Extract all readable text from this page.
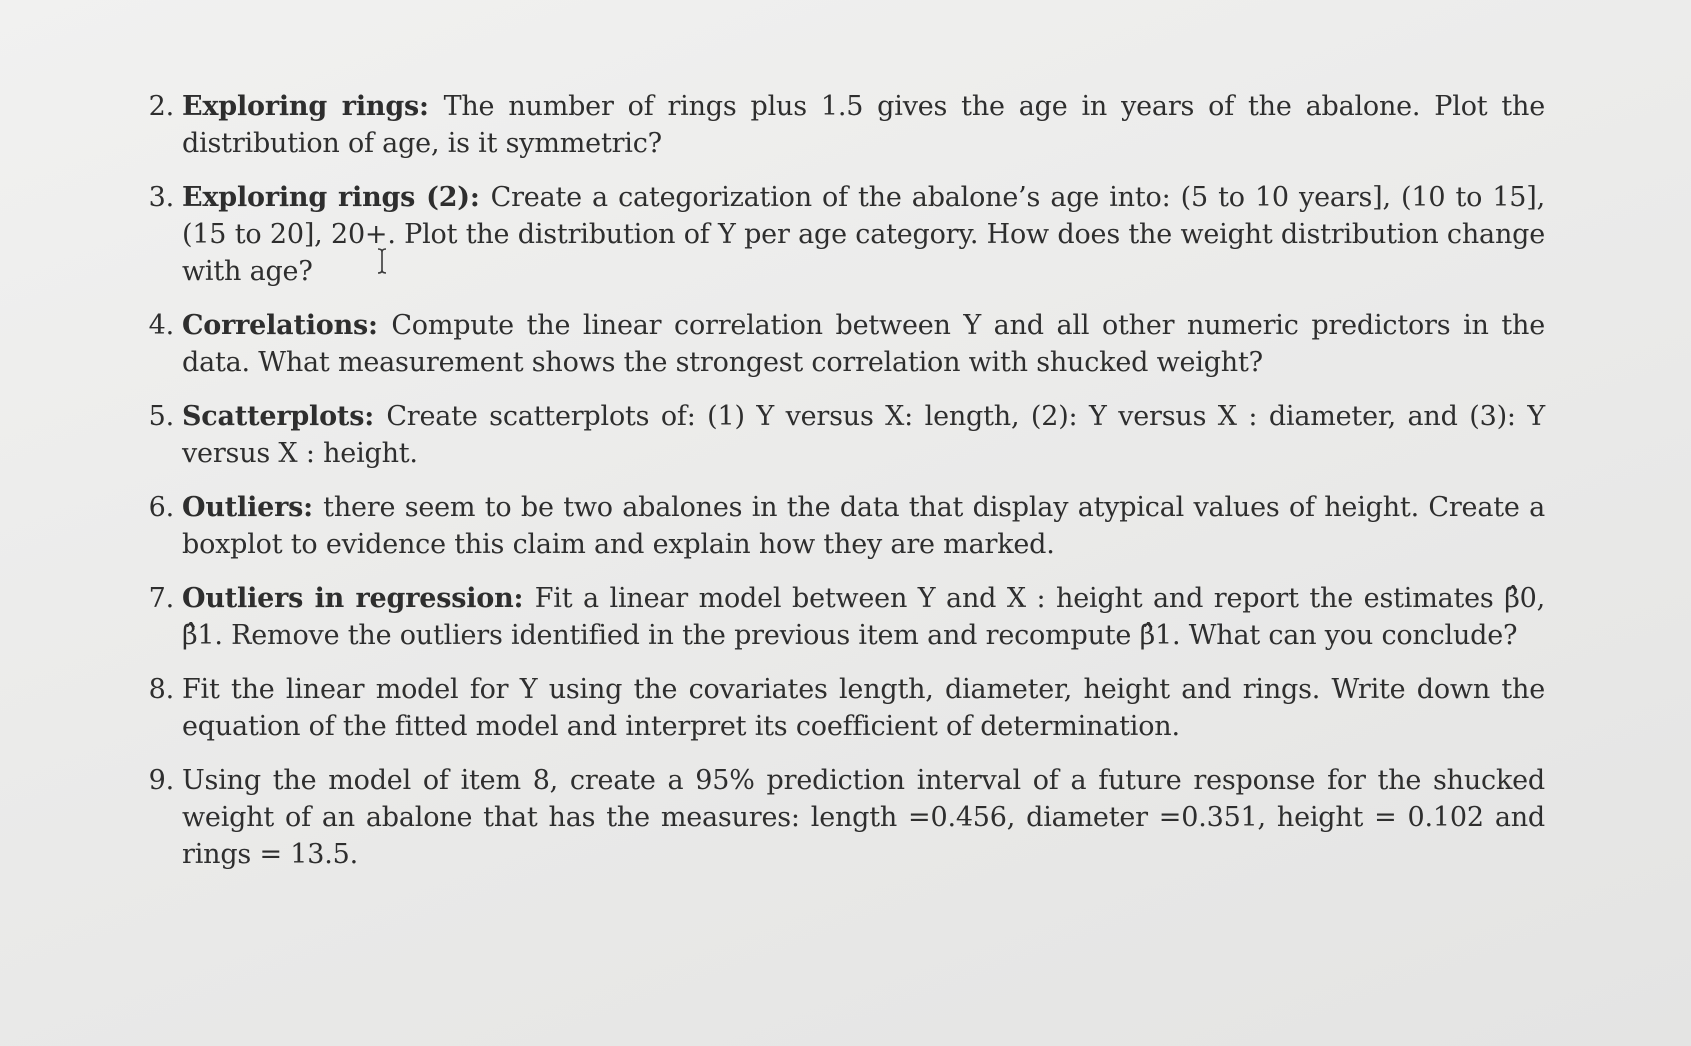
2. Exploring rings: The number of rings plus 1.5 gives the age in years of the abalone. Plot the distribution of age, is it symmetric?
3. Exploring rings (2): Create a categorization of the abalone’s age into: (5 to 10 years], (10 to 15], (15 to 20], 20+. Plot the distribution of Y per age category. How does the weight distribution change with age?
4. Correlations: Compute the linear correlation between Y and all other numeric predictors in the data. What measurement shows the strongest correlation with shucked weight?
5. Scatterplots: Create scatterplots of: (1) Y versus X: length, (2): Y versus X : diameter, and (3): Y versus X : height.
6. Outliers: there seem to be two abalones in the data that display atypical values of height. Create a boxplot to evidence this claim and explain how they are marked.
7. Outliers in regression: Fit a linear model between Y and X : height and report the estimates β̂0, β̂1. Remove the outliers identified in the previous item and recompute β̂1. What can you conclude?
8. Fit the linear model for Y using the covariates length, diameter, height and rings. Write down the equation of the fitted model and interpret its coefficient of determination.
9. Using the model of item 8, create a 95% prediction interval of a future response for the shucked weight of an abalone that has the measures: length =0.456, diameter =0.351, height = 0.102 and rings = 13.5.
